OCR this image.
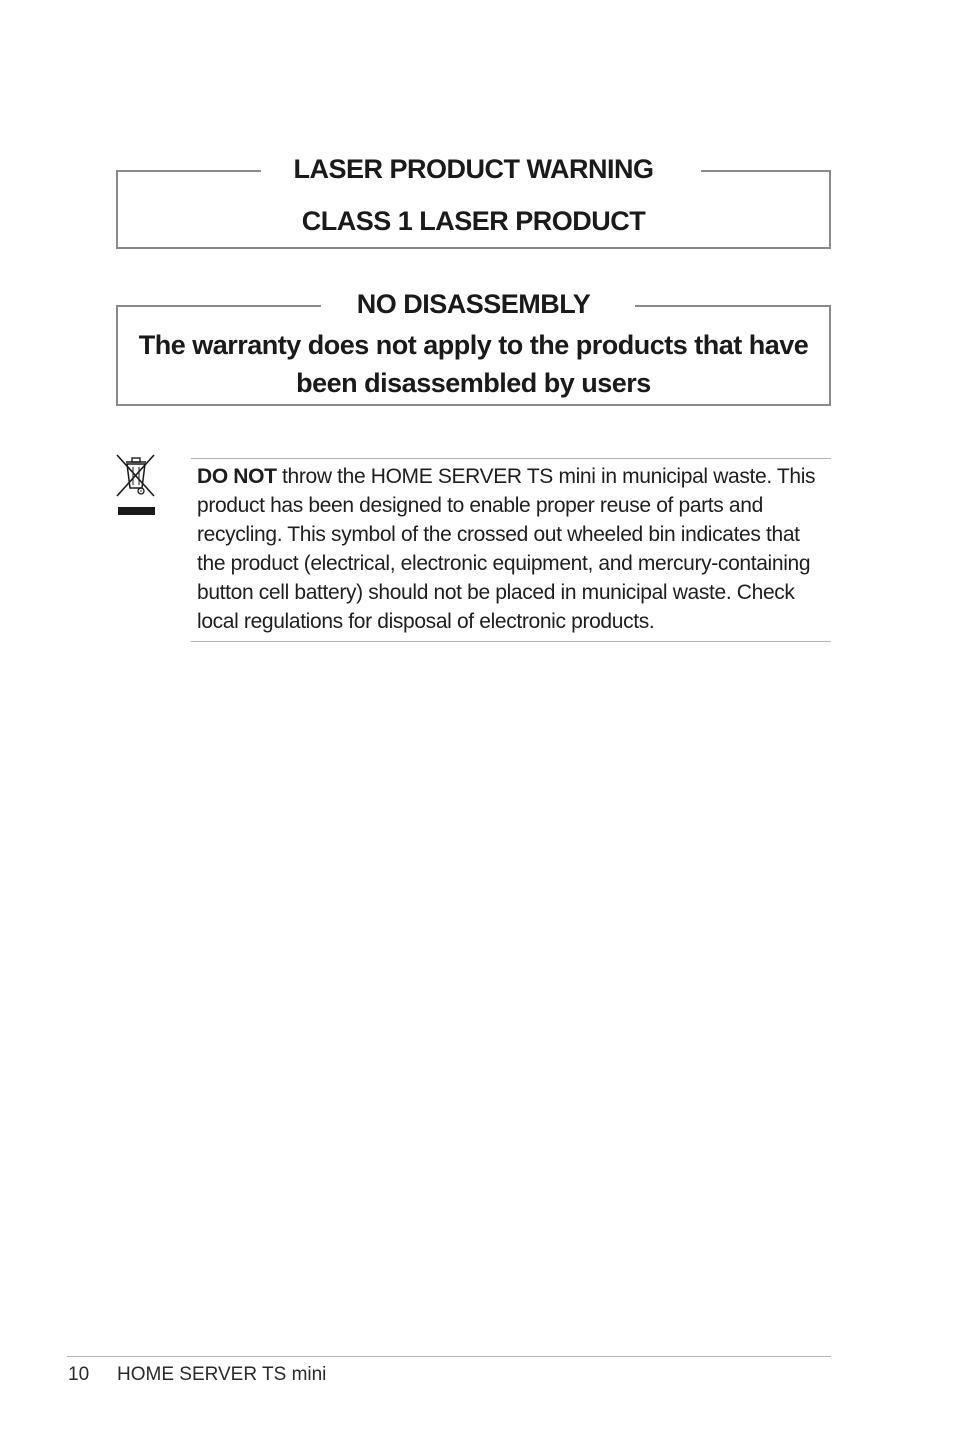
LASER PRODUCT WARNING
CLASS 1 LASER PRODUCT
NO DISASSEMBLY
The warranty does not apply to the products that have been disassembled by users
DO NOT throw the HOME SERVER TS mini in municipal waste. This product has been designed to enable proper reuse of parts and recycling. This symbol of the crossed out wheeled bin indicates that the product (electrical, electronic equipment, and mercury-containing button cell battery) should not be placed in municipal waste. Check local regulations for disposal of electronic products.
10 HOME SERVER TS mini
